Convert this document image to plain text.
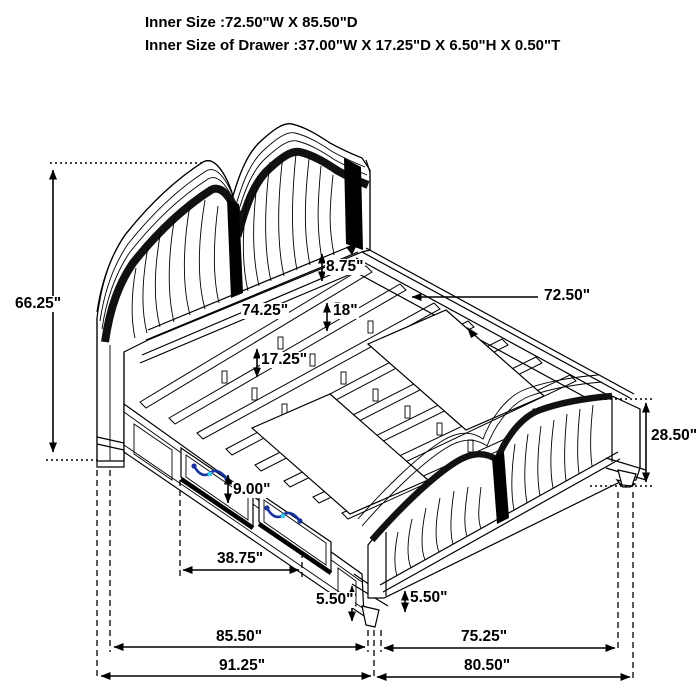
Inner Size :72.50"W X 85.50"D
Inner Size of Drawer :37.00"W X 17.25"D X 6.50"H X 0.50"T
66.25"
8.75"
74.25"	18"
17.25"
72.50"
28.50"
9.00"
38.75"
5.50"	5.50"
85.50"
91.25"
75.25"
80.50"
